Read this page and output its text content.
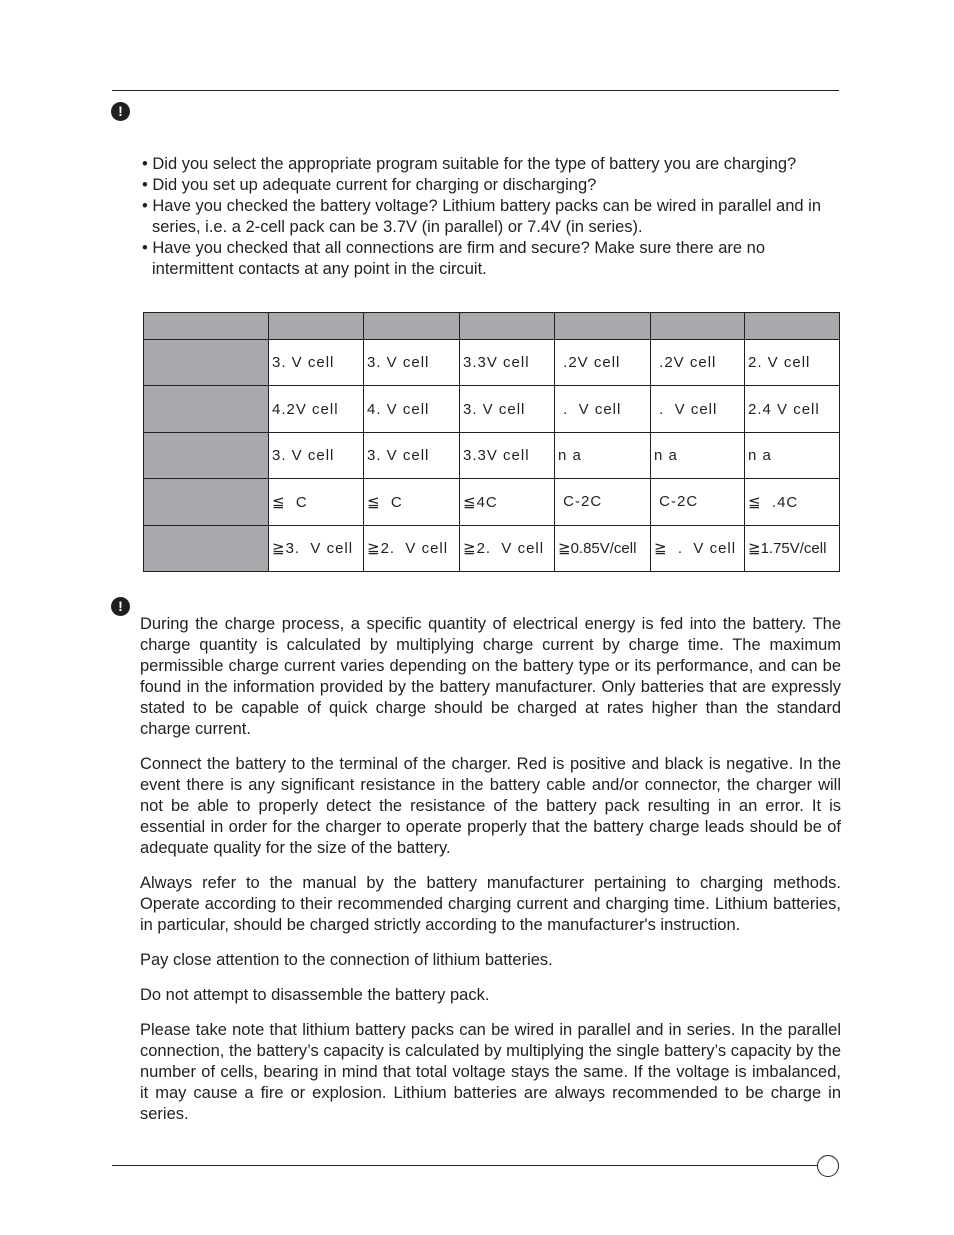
!
• Did you select the appropriate program suitable for the type of battery you are charging?
• Did you set up adequate current for charging or discharging?
• Have you checked the battery voltage? Lithium battery packs can be wired in parallel and in series, i.e. a 2-cell pack can be 3.7V (in parallel) or 7.4V (in series).
• Have you checked that all connections are firm and secure? Make sure there are no intermittent contacts at any point in the circuit.

	3. V cell	3. V cell	3.3V cell	.2V cell	.2V cell	2. V cell
	4.2V cell	4. V cell	3. V cell	.  V cell	.  V cell	2.4 V cell
	3. V cell	3. V cell	3.3V cell	n a	n a	n a
	≦  C	≦  C	≦4C	C-2C	C-2C	≦  .4C
	≧3.  V cell	≧2.  V cell	≧2.  V cell	≧0.85V/cell	≧  .  V cell	≧1.75V/cell
!

During the charge process, a specific quantity of electrical energy is fed into the battery. The charge quantity is calculated by multiplying charge current by charge time. The maximum permissible charge current varies depending on the battery type or its performance, and can be found in the information provided by the battery manufacturer. Only batteries that are expressly stated to be capable of quick charge should be charged at rates higher than the standard charge current.

Connect the battery to the terminal of the charger. Red is positive and black is negative. In the event there is any significant resistance in the battery cable and/or connector, the charger will not be able to properly detect the resistance of the battery pack resulting in an error. It is essential in order for the charger to operate properly that the battery charge leads should be of adequate quality for the size of the battery.

Always refer to the manual by the battery manufacturer pertaining to charging methods. Operate according to their recommended charging current and charging time. Lithium batteries, in particular, should be charged strictly according to the manufacturer's instruction.

Pay close attention to the connection of lithium batteries.

Do not attempt to disassemble the battery pack.

Please take note that lithium battery packs can be wired in parallel and in series. In the parallel connection, the battery’s capacity is calculated by multiplying the single battery’s capacity by the number of cells, bearing in mind that total voltage stays the same. If the voltage is imbalanced, it may cause a fire or explosion. Lithium batteries are always recommended to be charge in series.
